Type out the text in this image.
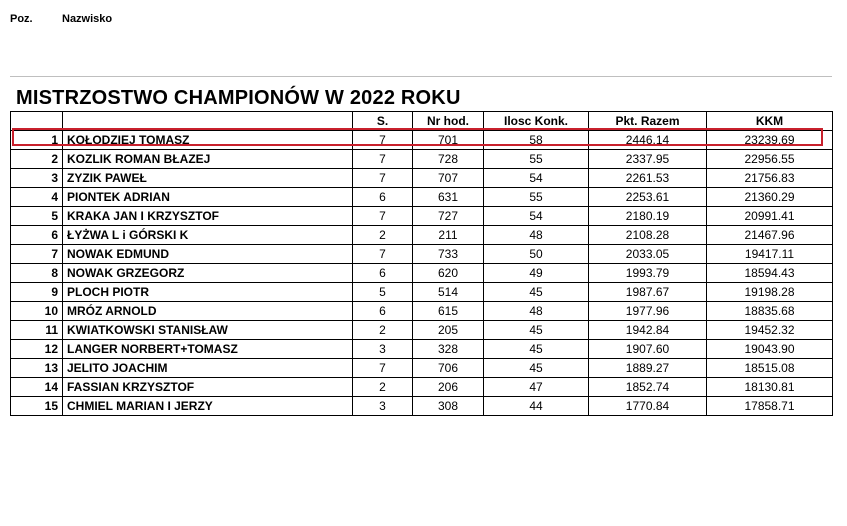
Poz.	Nazwisko
MISTRZOSTWO CHAMPIONÓW W 2022 ROKU
		S.	Nr hod.	Ilosc Konk.	Pkt. Razem	KKM
1	KOŁODZIEJ TOMASZ	7	701	58	2446.14	23239.69
2	KOZLIK ROMAN BŁAZEJ	7	728	55	2337.95	22956.55
3	ZYZIK PAWEŁ	7	707	54	2261.53	21756.83
4	PIONTEK ADRIAN	6	631	55	2253.61	21360.29
5	KRAKA JAN I KRZYSZTOF	7	727	54	2180.19	20991.41
6	ŁYŻWA L i GÓRSKI K	2	211	48	2108.28	21467.96
7	NOWAK EDMUND	7	733	50	2033.05	19417.11
8	NOWAK GRZEGORZ	6	620	49	1993.79	18594.43
9	PLOCH PIOTR	5	514	45	1987.67	19198.28
10	MRÓZ ARNOLD	6	615	48	1977.96	18835.68
11	KWIATKOWSKI STANISŁAW	2	205	45	1942.84	19452.32
12	LANGER NORBERT+TOMASZ	3	328	45	1907.60	19043.90
13	JELITO JOACHIM	7	706	45	1889.27	18515.08
14	FASSIAN KRZYSZTOF	2	206	47	1852.74	18130.81
15	CHMIEL MARIAN I JERZY	3	308	44	1770.84	17858.71
